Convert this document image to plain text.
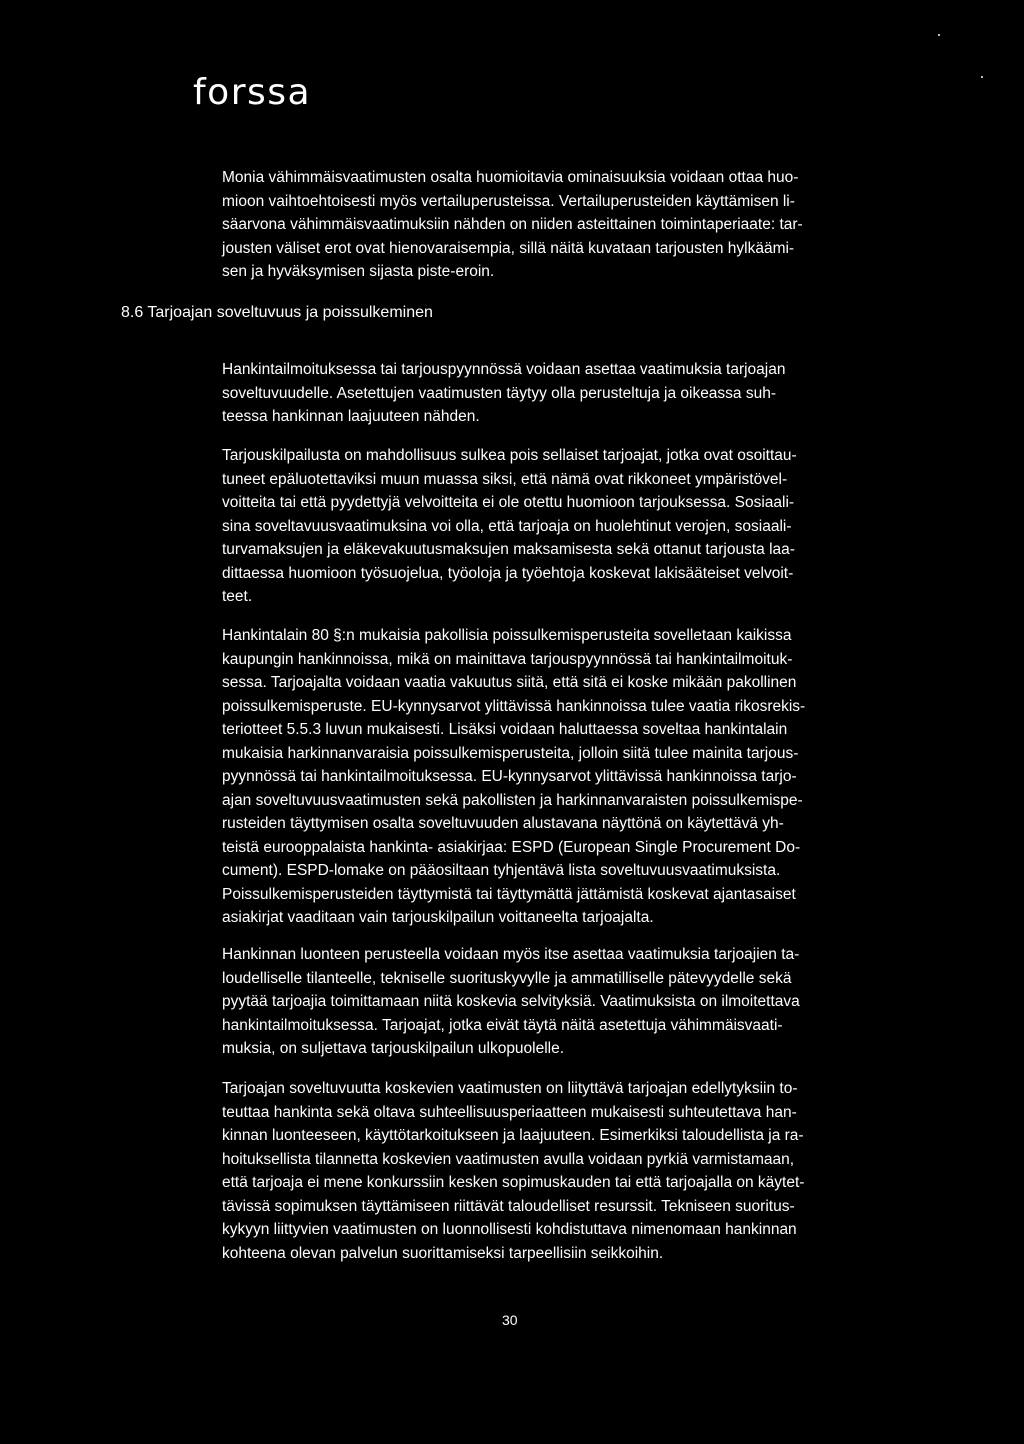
forssa
Monia vähimmäisvaatimusten osalta huomioitavia ominaisuuksia voidaan ottaa huo-
mioon vaihtoehtoisesti myös vertailuperusteissa. Vertailuperusteiden käyttämisen li-
säarvona vähimmäisvaatimuksiin nähden on niiden asteittainen toimintaperiaate: tar-
jousten väliset erot ovat hienovaraisempia, sillä näitä kuvataan tarjousten hylkäämi-
sen ja hyväksymisen sijasta piste-eroin.
8.6 Tarjoajan soveltuvuus ja poissulkeminen
Hankintailmoituksessa tai tarjouspyynnössä voidaan asettaa vaatimuksia tarjoajan
soveltuvuudelle. Asetettujen vaatimusten täytyy olla perusteltuja ja oikeassa suh-
teessa hankinnan laajuuteen nähden.
Tarjouskilpailusta on mahdollisuus sulkea pois sellaiset tarjoajat, jotka ovat osoittau-
tuneet epäluotettaviksi muun muassa siksi, että nämä ovat rikkoneet ympäristövel-
voitteita tai että pyydettyjä velvoitteita ei ole otettu huomioon tarjouksessa. Sosiaali-
sina soveltavuusvaatimuksina voi olla, että tarjoaja on huolehtinut verojen, sosiaali-
turvamaksujen ja eläkevakuutusmaksujen maksamisesta sekä ottanut tarjousta laa-
dittaessa huomioon työsuojelua, työoloja ja työehtoja koskevat lakisääteiset velvoit-
teet.
Hankintalain 80 §:n mukaisia pakollisia poissulkemisperusteita sovelletaan kaikissa
kaupungin hankinnoissa, mikä on mainittava tarjouspyynnössä tai hankintailmoituk-
sessa. Tarjoajalta voidaan vaatia vakuutus siitä, että sitä ei koske mikään pakollinen
poissulkemisperuste. EU-kynnysarvot ylittävissä hankinnoissa tulee vaatia rikosrekis-
teriotteet 5.5.3 luvun mukaisesti. Lisäksi voidaan haluttaessa soveltaa hankintalain
mukaisia harkinnanvaraisia poissulkemisperusteita, jolloin siitä tulee mainita tarjous-
pyynnössä tai hankintailmoituksessa. EU-kynnysarvot ylittävissä hankinnoissa tarjo-
ajan soveltuvuusvaatimusten sekä pakollisten ja harkinnanvaraisten poissulkemispe-
rusteiden täyttymisen osalta soveltuvuuden alustavana näyttönä on käytettävä yh-
teistä eurooppalaista hankinta- asiakirjaa: ESPD (European Single Procurement Do-
cument). ESPD-lomake on pääosiltaan tyhjentävä lista soveltuvuusvaatimuksista.
Poissulkemisperusteiden täyttymistä tai täyttymättä jättämistä koskevat ajantasaiset
asiakirjat vaaditaan vain tarjouskilpailun voittaneelta tarjoajalta.
Hankinnan luonteen perusteella voidaan myös itse asettaa vaatimuksia tarjoajien ta-
loudelliselle tilanteelle, tekniselle suorituskyvylle ja ammatilliselle pätevyydelle sekä
pyytää tarjoajia toimittamaan niitä koskevia selvityksiä. Vaatimuksista on ilmoitettava
hankintailmoituksessa. Tarjoajat, jotka eivät täytä näitä asetettuja vähimmäisvaati-
muksia, on suljettava tarjouskilpailun ulkopuolelle.
Tarjoajan soveltuvuutta koskevien vaatimusten on liityttävä tarjoajan edellytyksiin to-
teuttaa hankinta sekä oltava suhteellisuusperiaatteen mukaisesti suhteutettava han-
kinnan luonteeseen, käyttötarkoitukseen ja laajuuteen. Esimerkiksi taloudellista ja ra-
hoituksellista tilannetta koskevien vaatimusten avulla voidaan pyrkiä varmistamaan,
että tarjoaja ei mene konkurssiin kesken sopimuskauden tai että tarjoajalla on käytet-
tävissä sopimuksen täyttämiseen riittävät taloudelliset resurssit. Tekniseen suoritus-
kykyyn liittyvien vaatimusten on luonnollisesti kohdistuttava nimenomaan hankinnan
kohteena olevan palvelun suorittamiseksi tarpeellisiin seikkoihin.
30
